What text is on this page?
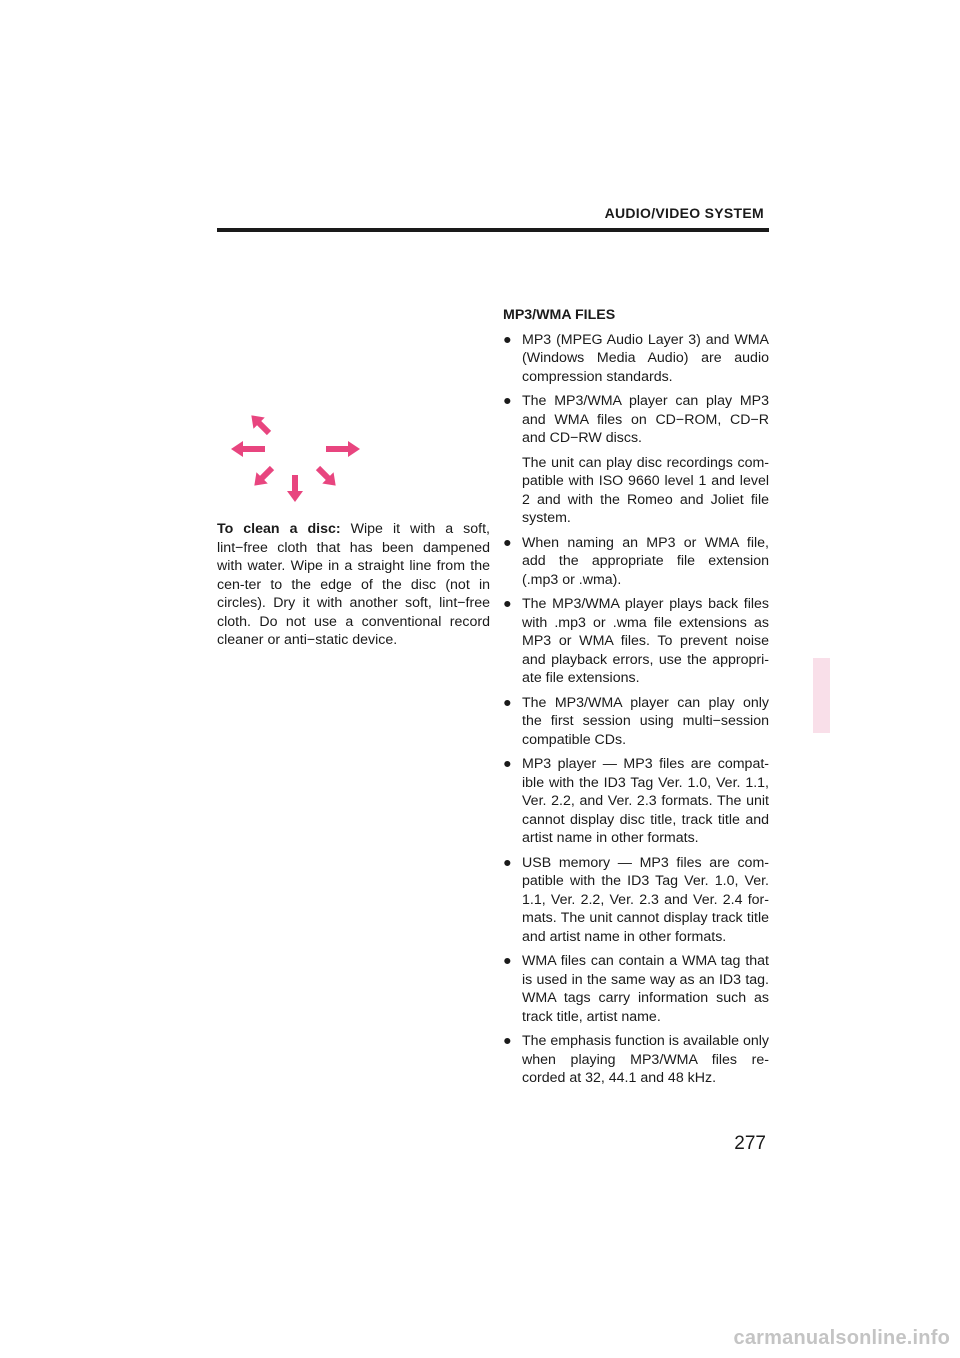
AUDIO/VIDEO SYSTEM
To clean a disc: Wipe it with a soft, lint−free cloth that has been dampened with water. Wipe in a straight line from the cen-ter to the edge of the disc (not in circles). Dry it with another soft, lint−free cloth. Do not use a conventional record cleaner or anti−static device.
MP3/WMA FILES
● MP3 (MPEG Audio Layer 3) and WMA (Windows Media Audio) are audio compression standards.
● The MP3/WMA player can play MP3 and WMA files on CD−ROM, CD−R and CD−RW discs.
The unit can play disc recordings com-patible with ISO 9660 level 1 and level 2 and with the Romeo and Joliet file system.
● When naming an MP3 or WMA file, add the appropriate file extension (.mp3 or .wma).
● The MP3/WMA player plays back files with .mp3 or .wma file extensions as MP3 or WMA files. To prevent noise and playback errors, use the appropri-ate file extensions.
● The MP3/WMA player can play only the first session using multi−session compatible CDs.
● MP3 player — MP3 files are compat-ible with the ID3 Tag Ver. 1.0, Ver. 1.1, Ver. 2.2, and Ver. 2.3 formats. The unit cannot display disc title, track title and artist name in other formats.
● USB memory — MP3 files are com-patible with the ID3 Tag Ver. 1.0, Ver. 1.1, Ver. 2.2, Ver. 2.3 and Ver. 2.4 for-mats. The unit cannot display track title and artist name in other formats.
● WMA files can contain a WMA tag that is used in the same way as an ID3 tag. WMA tags carry information such as track title, artist name.
● The emphasis function is available only when playing MP3/WMA files re-corded at 32, 44.1 and 48 kHz.
277
carmanualsonline.info
